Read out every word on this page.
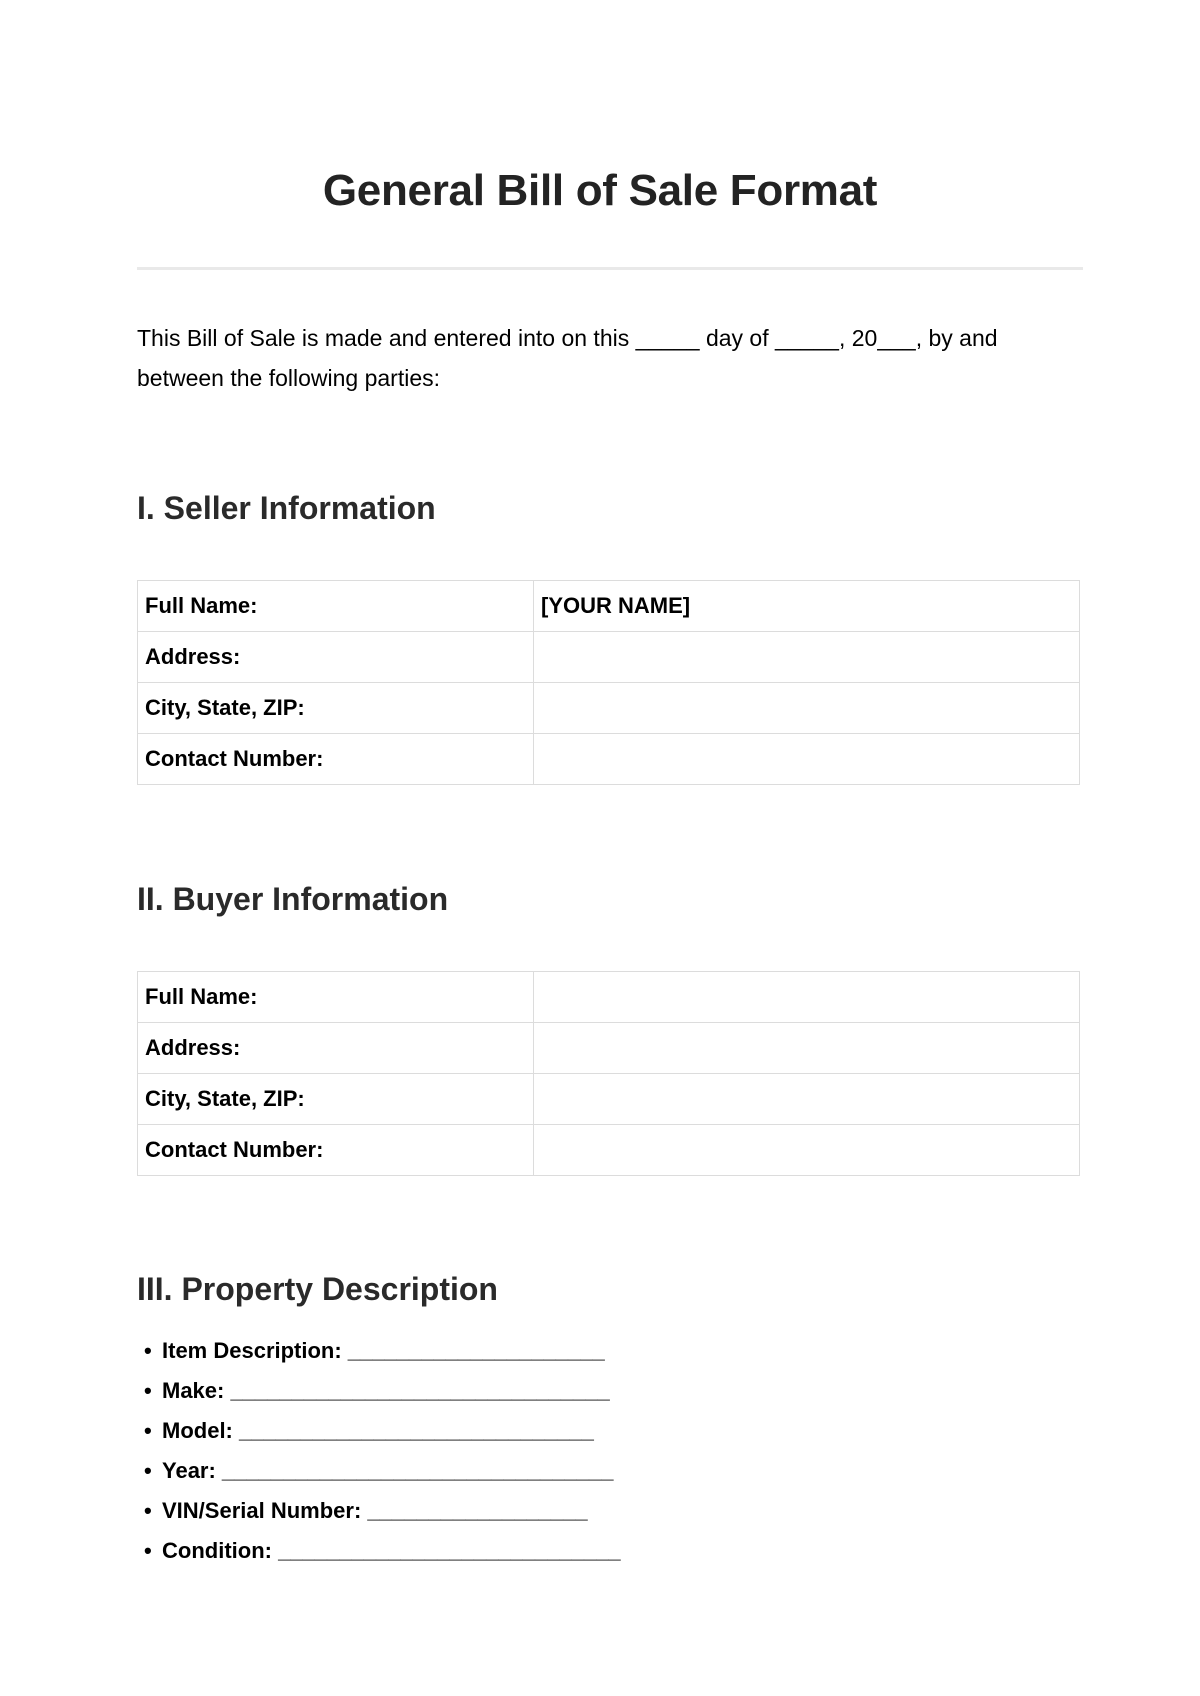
General Bill of Sale Format

This Bill of Sale is made and entered into on this _____ day of _____, 20___, by and between the following parties:

I. Seller Information
Full Name:	[YOUR NAME]
Address:	
City, State, ZIP:	
Contact Number:	
II. Buyer Information
Full Name:	
Address:	
City, State, ZIP:	
Contact Number:	
III. Property Description
• Item Description: _____________________
• Make: _______________________________
• Model: _____________________________
• Year: ________________________________
• VIN/Serial Number: __________________
• Condition: ____________________________
